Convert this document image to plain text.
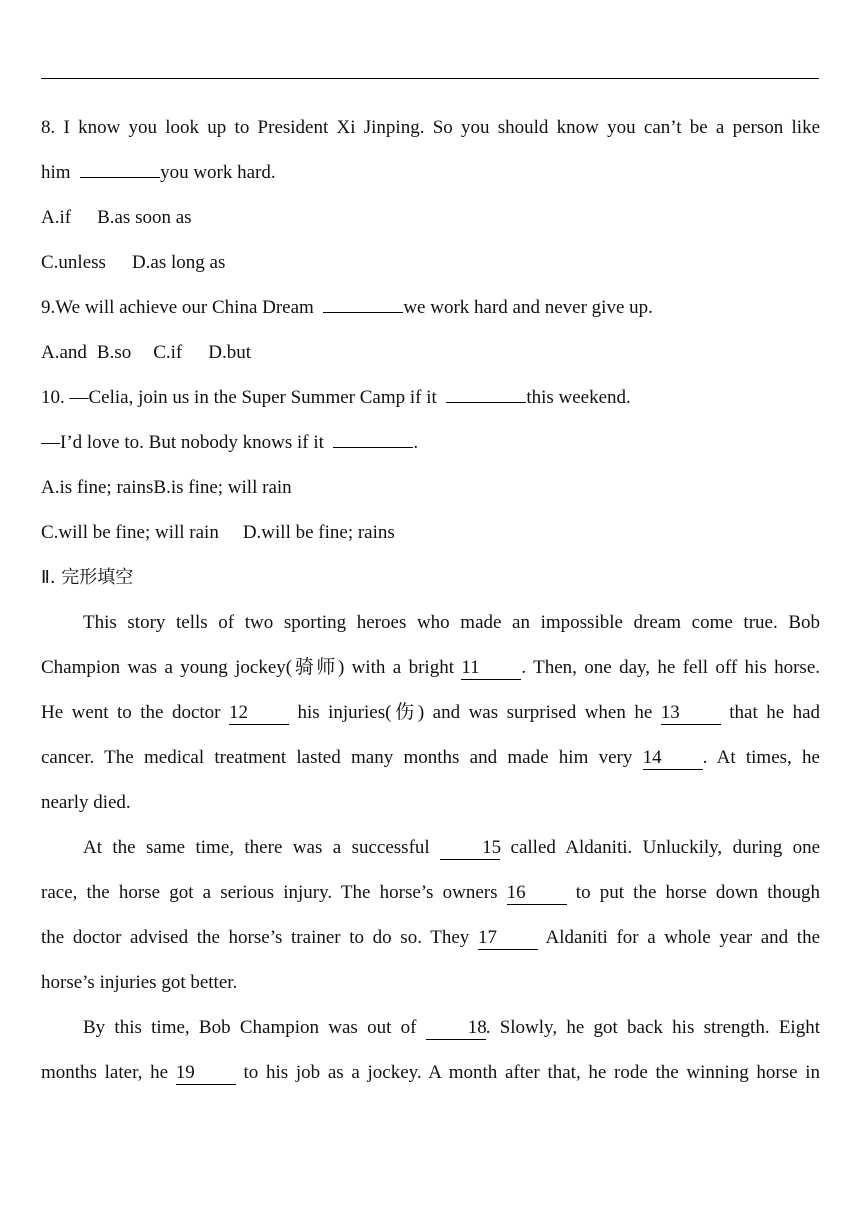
8. I know you look up to President Xi Jinping. So you should know you can’t be a person like
him	you work hard.
A.if B.as soon as
C.unless D.as long as
9.We will achieve our China Dream	we work hard and never give up.
A.and B.so C.if D.but
10. —Celia, join us in the Super Summer Camp if it	this weekend.
—I’d love to. But nobody knows if it	.
A.is fine; rainsB.is fine; will rain
C.will be fine; will rain D.will be fine; rains
Ⅱ. 完形填空
This story tells of two sporting heroes who made an impossible dream come true. Bob
Champion was a young jockey(骑师) with a bright 11 . Then, one day, he fell off his horse.
He went to the doctor 12	his injuries(伤) and was surprised when he 13	that he had
cancer. The medical treatment lasted many months and made him very 14 . At times, he
nearly died.
At the same time, there was a successful	15 called Aldaniti. Unluckily, during one
race, the horse got a serious injury. The horse’s owners 16	to put the horse down though
the doctor advised the horse’s trainer to do so. They 17	Aldaniti for a whole year and the
horse’s injuries got better.
By this time, Bob Champion was out of	18. Slowly, he got back his strength. Eight
months later, he 19	to his job as a jockey. A month after that, he rode the winning horse in
